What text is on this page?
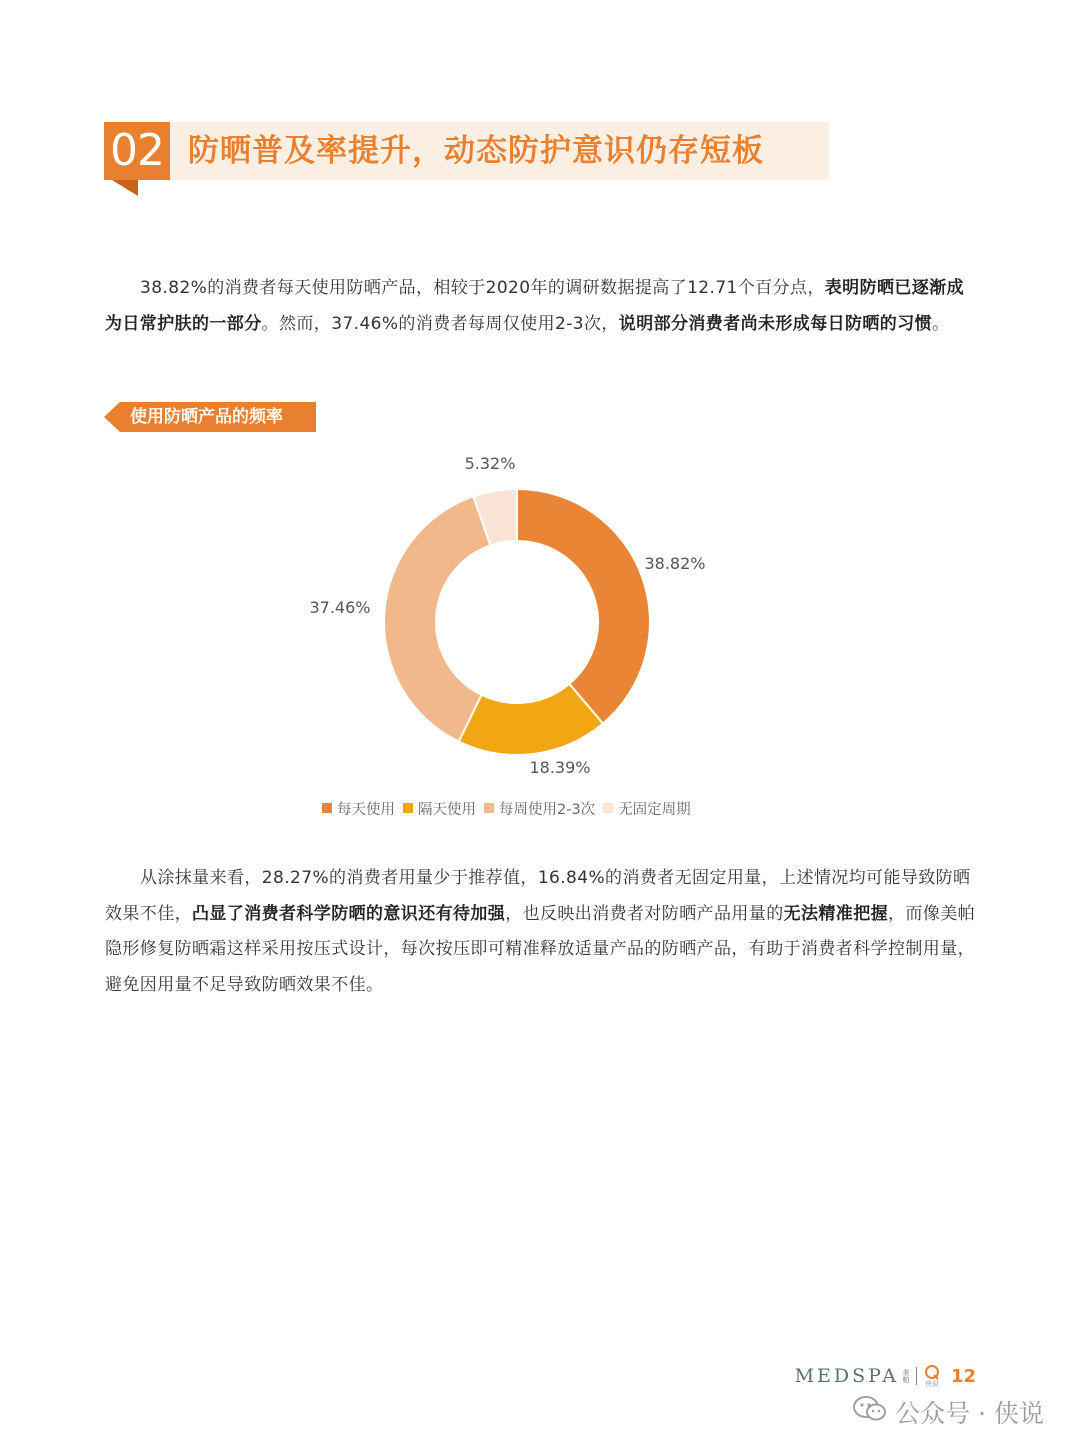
02 防晒普及率提升，动态防护意识仍存短板
38.82%的消费者每天使用防晒产品，相较于2020年的调研数据提高了12.71个百分点，表明防晒已逐渐成为日常护肤的一部分。然而，37.46%的消费者每周仅使用2-3次，说明部分消费者尚未形成每日防晒的习惯。
使用防晒产品的频率
38.82%
18.39%
37.46%
5.32%
每天使用 隔天使用 每周使用2-3次 无固定周期
从涂抹量来看，28.27%的消费者用量少于推荐值，16.84%的消费者无固定用量，上述情况均可能导致防晒效果不佳，凸显了消费者科学防晒的意识还有待加强，也反映出消费者对防晒产品用量的无法精准把握，而像美帕隐形修复防晒霜这样采用按压式设计，每次按压即可精准释放适量产品的防晒产品，有助于消费者科学控制用量，避免因用量不足导致防晒效果不佳。
MEDSPA 美帕
侠说 12
公众号 · 侠说
